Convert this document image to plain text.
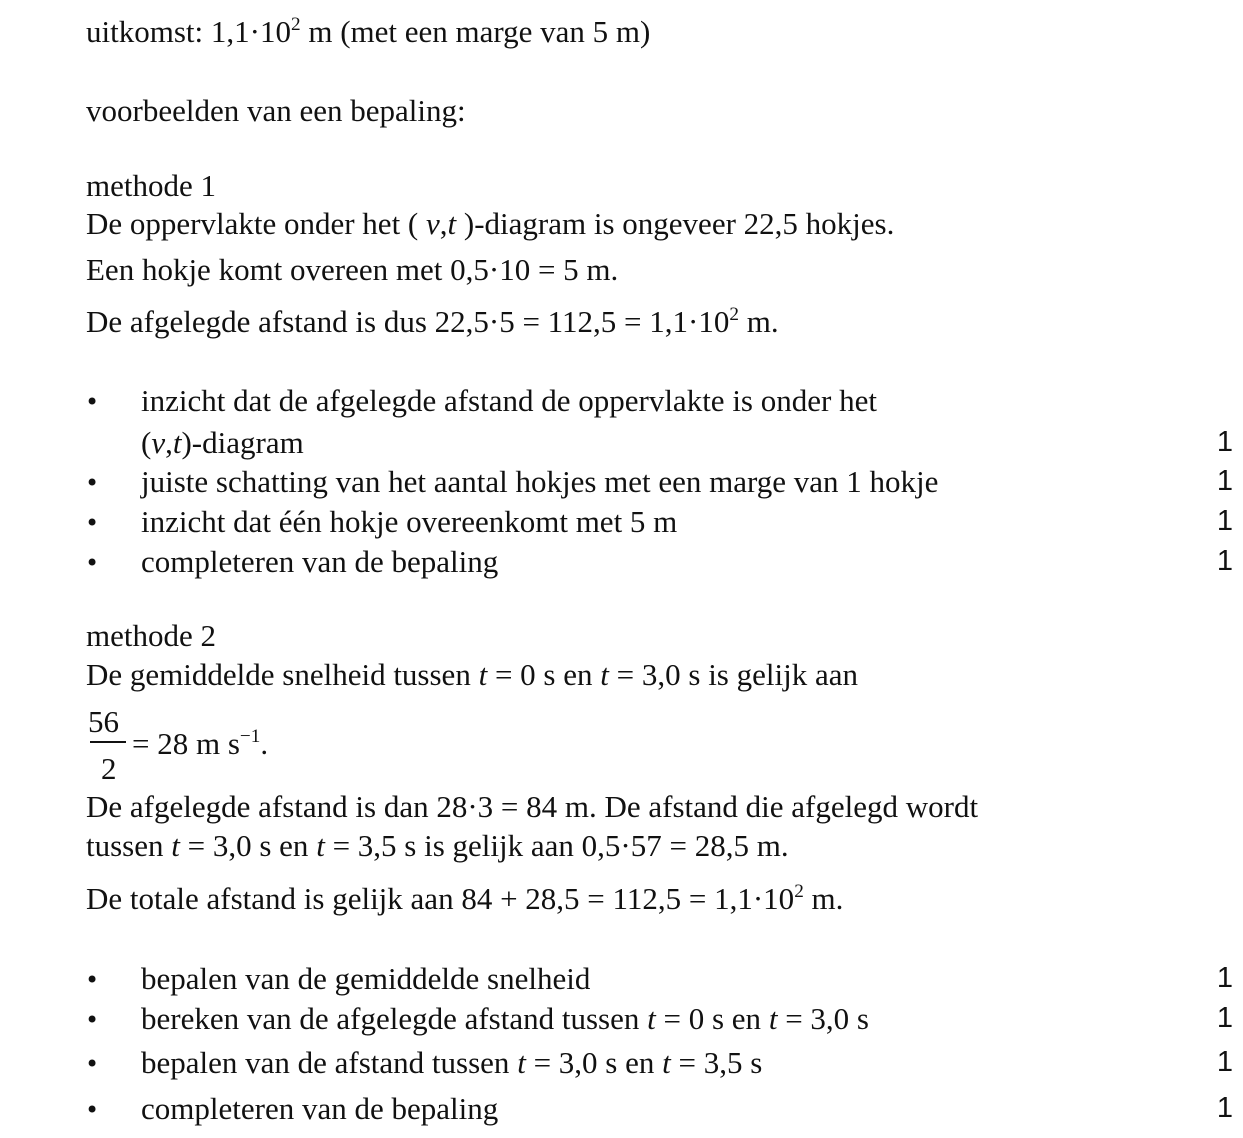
uitkomst: $1,1\cdot 10^2$ m (met een marge van 5 m)
voorbeelden van een bepaling:
methode 1
De oppervlakte onder het ( v,t )-diagram is ongeveer 22,5 hokjes.
Een hokje komt overeen met 0,5·10 = 5 m.
De afgelegde afstand is dus $22,5\cdot 5 = 112,5 = 1,1\cdot 10^2$ m.
• inzicht dat de afgelegde afstand de oppervlakte is onder het
(v,t)-diagram	1
• juiste schatting van het aantal hokjes met een marge van 1 hokje	1
• inzicht dat één hokje overeenkomt met 5 m	1
• completeren van de bepaling	1
methode 2
De gemiddelde snelheid tussen t = 0 s en t = 3,0 s is gelijk aan
56
2
= 28 m $s^{-1}$.
De afgelegde afstand is dan 28·3 = 84 m. De afstand die afgelegd wordt
tussen t = 3,0 s en t = 3,5 s is gelijk aan 0,5·57 = 28,5 m.
De totale afstand is gelijk aan $84 + 28,5 = 112,5 = 1,1\cdot 10^2$ m.
• bepalen van de gemiddelde snelheid	1
• bereken van de afgelegde afstand tussen t = 0 s en t = 3,0 s	1
• bepalen van de afstand tussen t = 3,0 s en t = 3,5 s	1
• completeren van de bepaling	1
